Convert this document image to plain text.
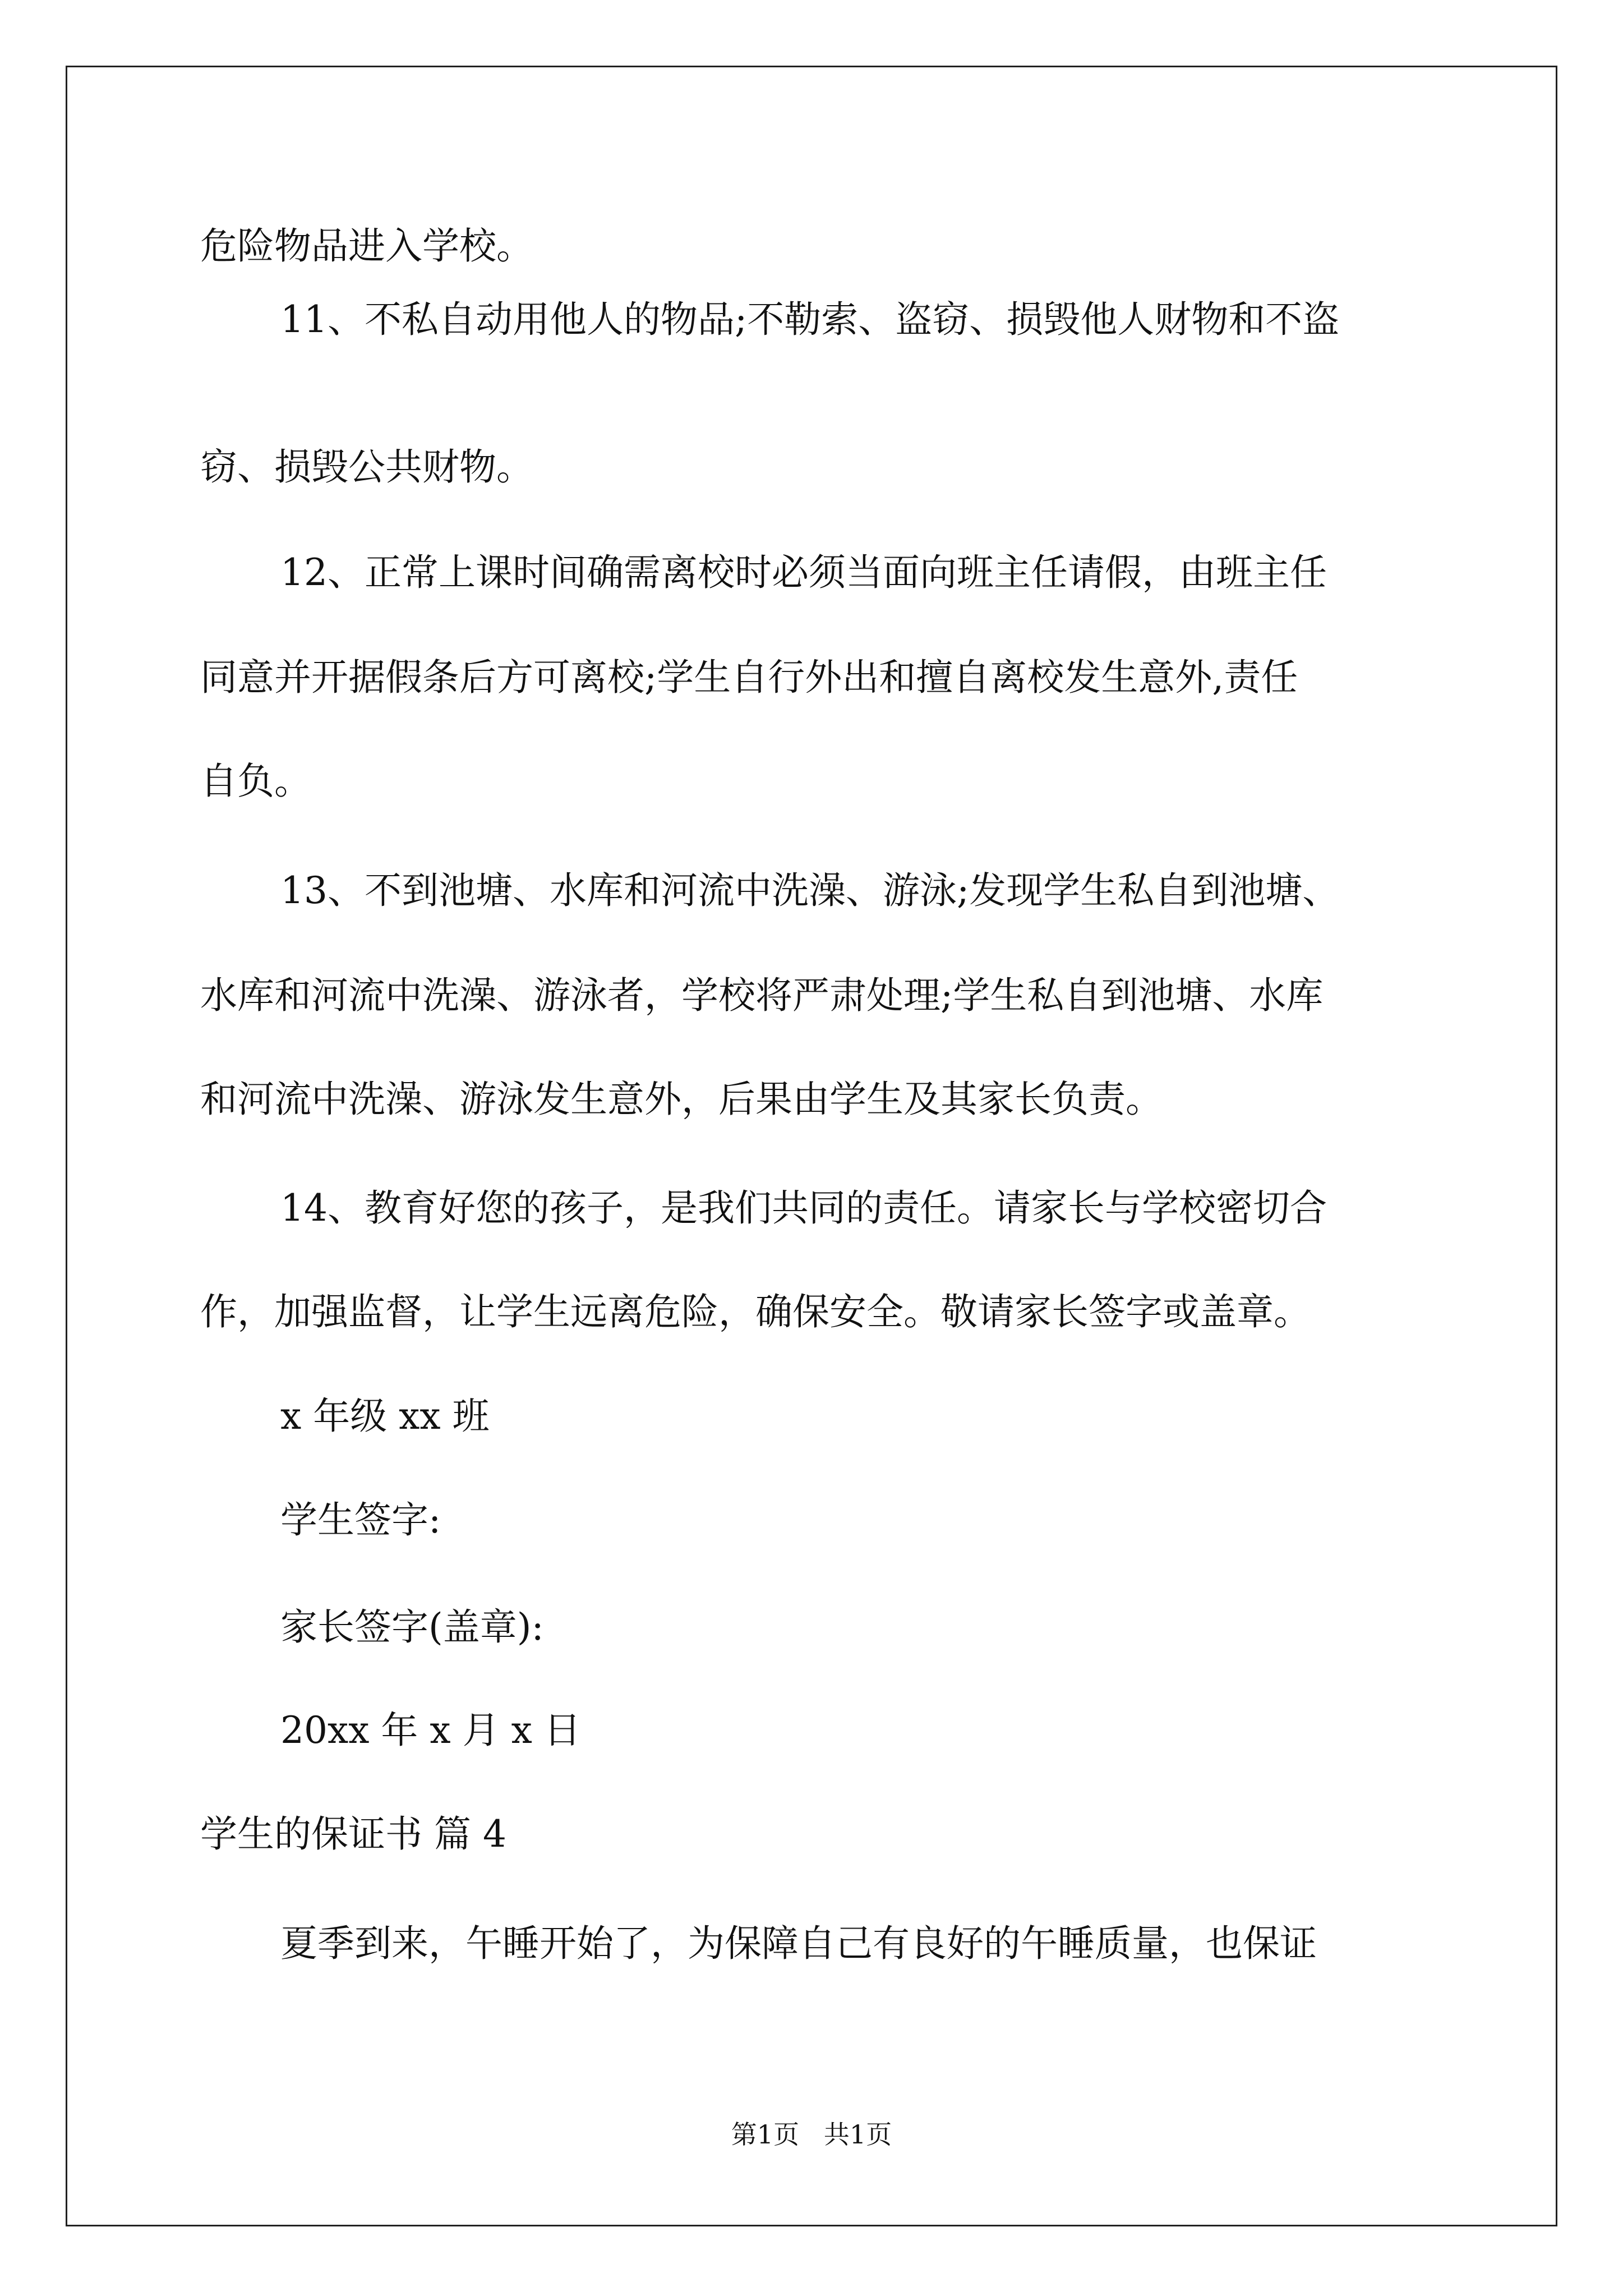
危险物品进入学校。
11、不私自动用他人的物品;不勒索、盗窃、损毁他人财物和不盗
窃、损毁公共财物。
12、正常上课时间确需离校时必须当面向班主任请假，由班主任
同意并开据假条后方可离校;学生自行外出和擅自离校发生意外,责任
自负。
13、不到池塘、水库和河流中洗澡、游泳;发现学生私自到池塘、
水库和河流中洗澡、游泳者，学校将严肃处理;学生私自到池塘、水库
和河流中洗澡、游泳发生意外，后果由学生及其家长负责。
14、教育好您的孩子，是我们共同的责任。请家长与学校密切合
作，加强监督，让学生远离危险，确保安全。敬请家长签字或盖章。
x 年级 xx 班
学生签字:
家长签字(盖章):
20xx 年 x 月 x 日
学生的保证书 篇 4
夏季到来，午睡开始了，为保障自己有良好的午睡质量，也保证
第1页   共1页
